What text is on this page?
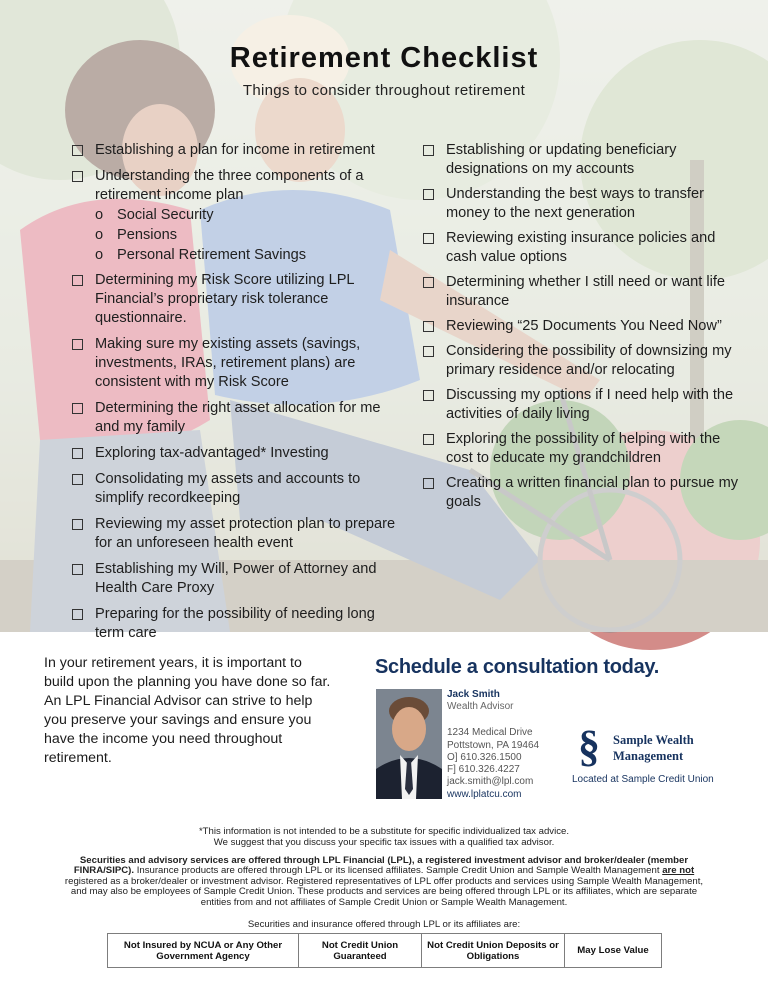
Retirement Checklist
Things to consider throughout retirement
Establishing a plan for income in retirement
Understanding the three components of a retirement income plan
o Social Security
o Pensions
o Personal Retirement Savings
Determining my Risk Score utilizing LPL Financial’s proprietary risk tolerance questionnaire.
Making sure my existing assets (savings, investments, IRAs, retirement plans) are consistent with my Risk Score
Determining the right asset allocation for me and my family
Exploring tax-advantaged* Investing
Consolidating my assets and accounts to simplify recordkeeping
Reviewing my asset protection plan to prepare for an unforeseen health event
Establishing my Will, Power of Attorney and Health Care Proxy
Preparing for the possibility of needing long term care
Establishing or updating beneficiary designations on my accounts
Understanding the best ways to transfer money to the next generation
Reviewing existing insurance policies and cash value options
Determining whether I still need or want life insurance
Reviewing “25 Documents You Need Now”
Considering the possibility of downsizing my primary residence and/or relocating
Discussing my options if I need help with the activities of daily living
Exploring the possibility of helping with the cost to educate my grandchildren
Creating a written financial plan to pursue my goals

In your retirement years, it is important to build upon the planning you have done so far. An LPL Financial Advisor can strive to help you preserve your savings and ensure you have the income you need throughout retirement.

Schedule a consultation today.
Jack Smith
Wealth Advisor
1234 Medical Drive
Pottstown, PA 19464
O] 610.326.1500
F] 610.326.4227
jack.smith@lpl.com
www.lplatcu.com
§ Sample Wealth
Management
Located at Sample Credit Union
*This information is not intended to be a substitute for specific individualized tax advice.
We suggest that you discuss your specific tax issues with a qualified tax advisor.

Securities and advisory services are offered through LPL Financial (LPL), a registered investment advisor and broker/dealer (member FINRA/SIPC). Insurance products are offered through LPL or its licensed affiliates. Sample Credit Union and Sample Wealth Management are not registered as a broker/dealer or investment advisor. Registered representatives of LPL offer products and services using Sample Wealth Management, and may also be employees of Sample Credit Union. These products and services are being offered through LPL or its affiliates, which are separate entities from and not affiliates of Sample Credit Union or Sample Wealth Management.

Securities and insurance offered through LPL or its affiliates are:
Not Insured by NCUA or Any Other Government Agency
Not Credit Union Guaranteed
Not Credit Union Deposits or Obligations	May Lose Value
